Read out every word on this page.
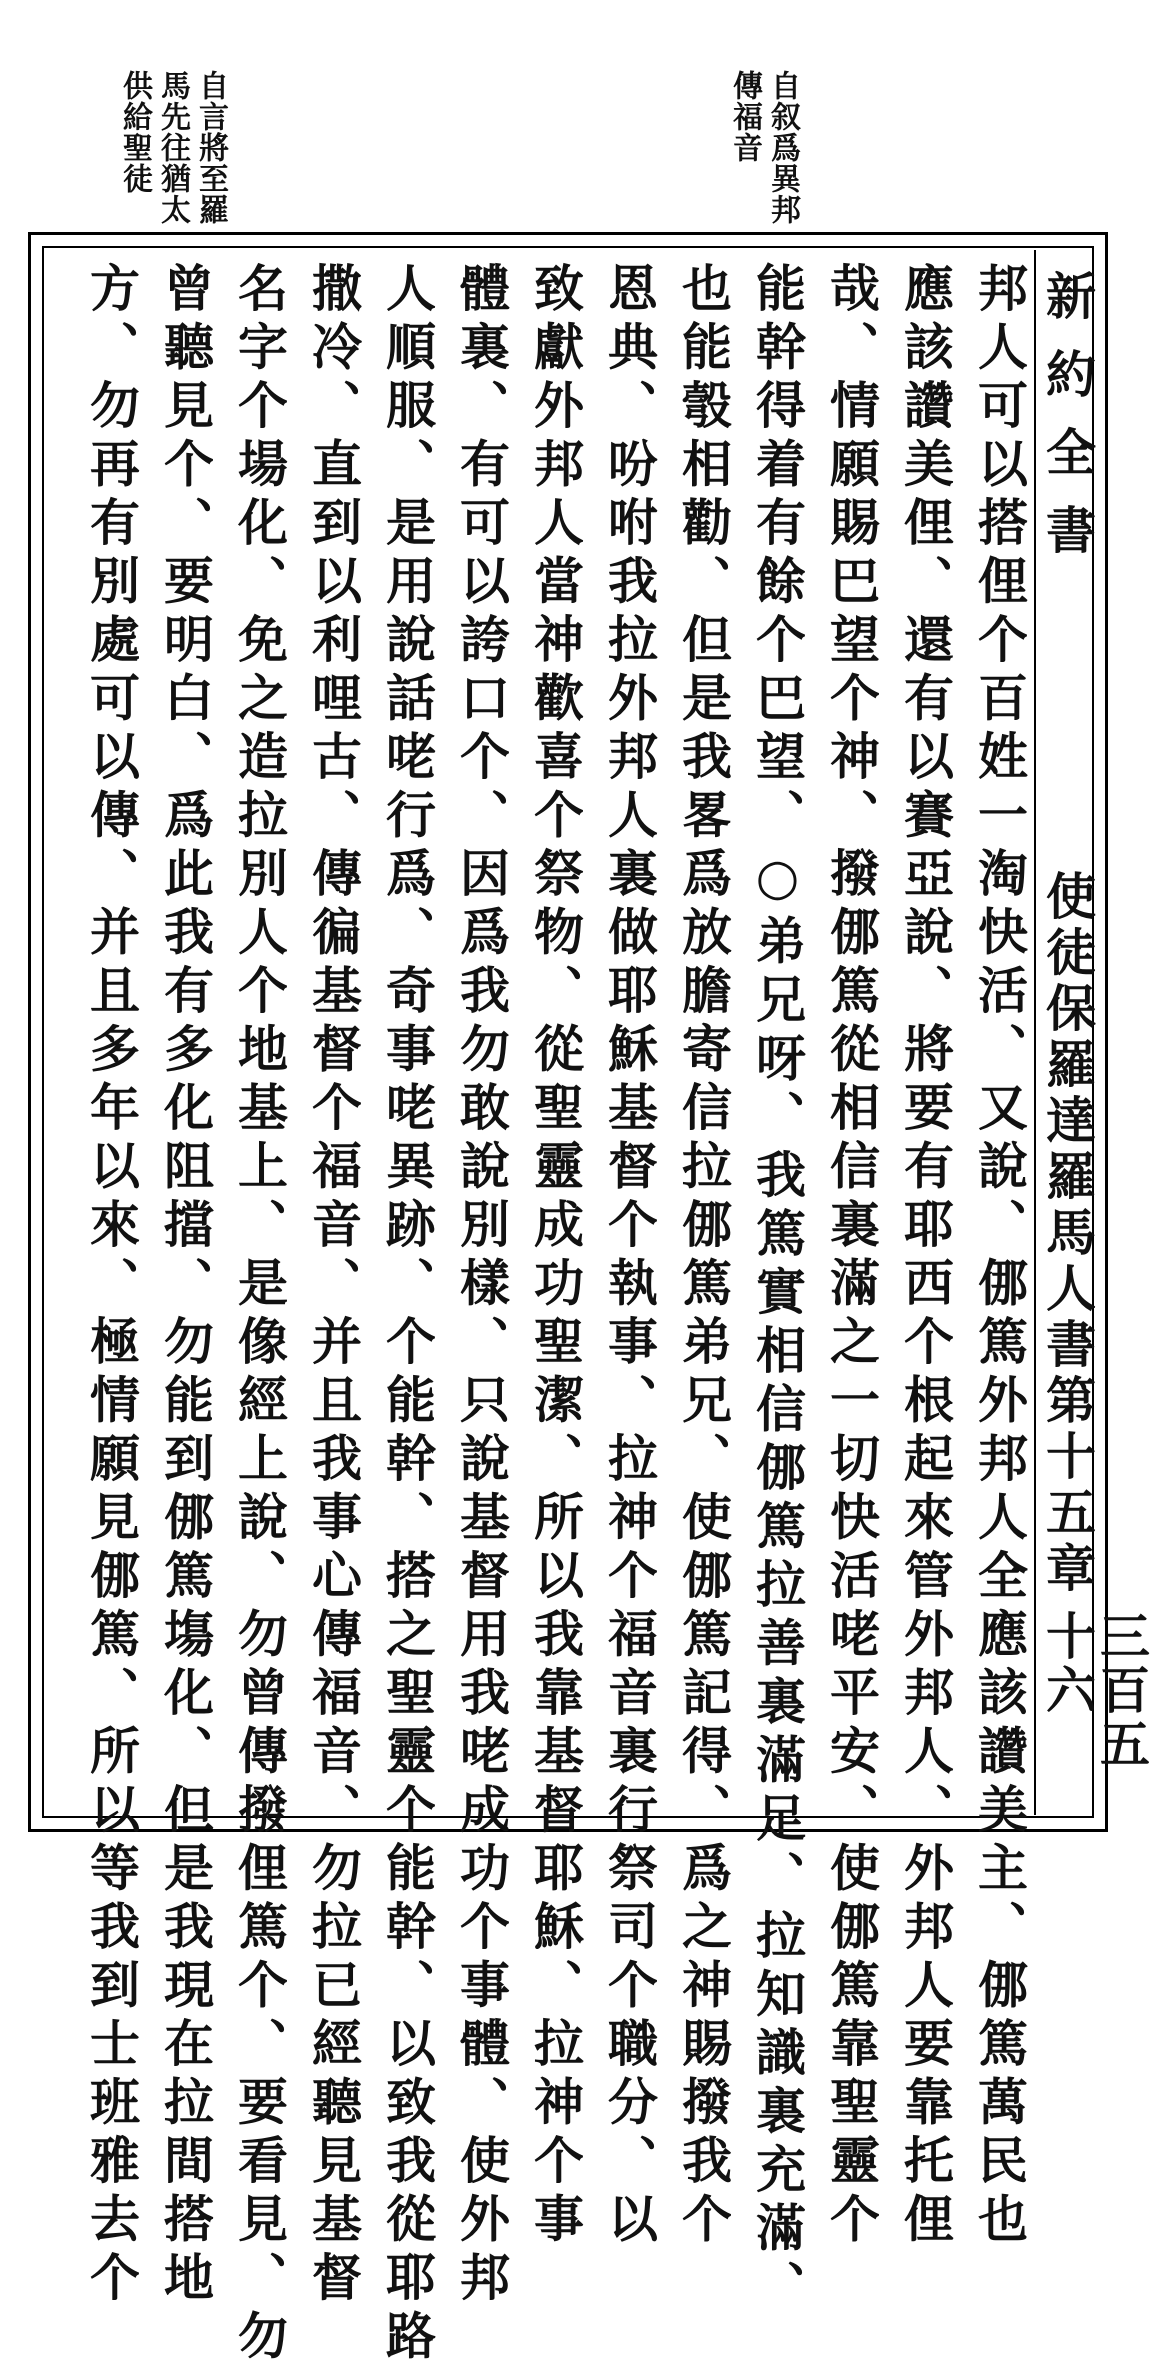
自叙爲異邦傳福音
自言將至羅馬先往猶太供給聖徒
新約全書
使徒保羅達羅馬人書第十五章
三百五十六
邦人可以搭俚个百姓一淘快活、又說、㑚篤外邦人全應該讚美主、㑚篤萬民也
應該讚美俚、還有以賽亞說、將要有耶西个根起來管外邦人、外邦人要靠托俚
哉、情願賜巴望个神、撥㑚篤從相信裏滿之一切快活咾平安、使㑚篤靠聖靈个
能幹得着有餘个巴望、○弟兄呀、我篤實相信㑚篤拉善裏滿足、拉知識裏充滿、
也能彀相勸、但是我畧爲放膽寄信拉㑚篤弟兄、使㑚篤記得、爲之神賜撥我个
恩典、吩咐我拉外邦人裏做耶穌基督个執事、拉神个福音裏行祭司个職分、以
致獻外邦人當神歡喜个祭物、從聖靈成功聖潔、所以我靠基督耶穌、拉神个事
體裏、有可以誇口个、因爲我勿敢說別樣、只說基督用我咾成功个事體、使外邦
人順服、是用說話咾行爲、奇事咾異跡、个能幹、搭之聖靈个能幹、以致我從耶路
撒冷、直到以利哩古、傳徧基督个福音、并且我事心傳福音、勿拉已經聽見基督
名字个場化、免之造拉別人个地基上、是像經上說、勿曾傳撥俚篤个、要看見、勿
曾聽見个、要明白、爲此我有多化阻擋、勿能到㑚篤塲化、但是我現在拉間搭地
方、勿再有別處可以傳、并且多年以來、極情願見㑚篤、所以等我到士班雅去个
